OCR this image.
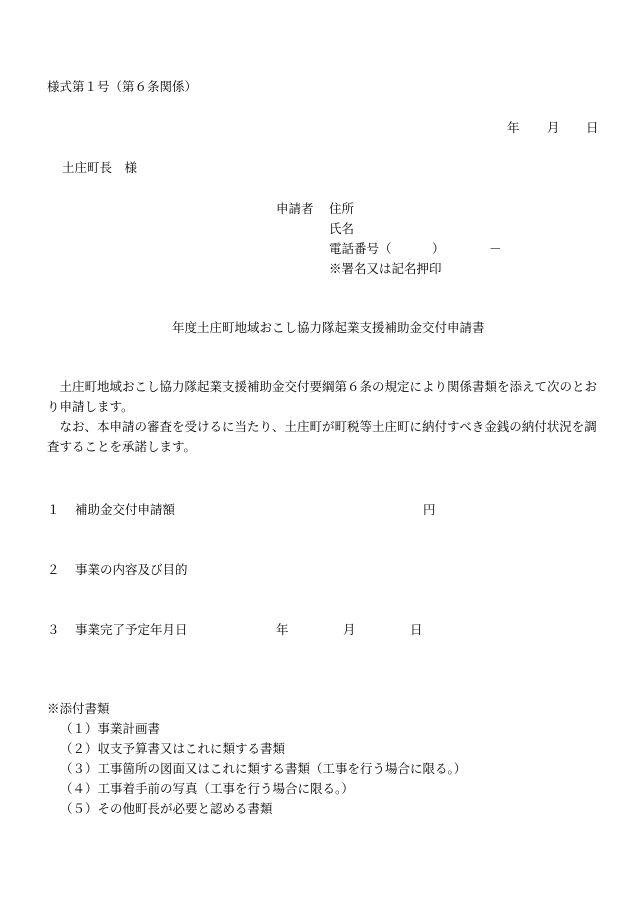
様式第１号（第６条関係）
年 月 日
土庄町長　様
申請者 住所
氏名
電話番号（	）	－
※署名又は記名押印
年度土庄町地域おこし協力隊起業支援補助金交付申請書
　土庄町地域おこし協力隊起業支援補助金交付要綱第６条の規定により関係書類を添えて次のとおり申請します。
　なお、本申請の審査を受けるに当たり、土庄町が町税等土庄町に納付すべき金銭の納付状況を調査することを承諾します。
１ 補助金交付申請額	円
２ 事業の内容及び目的
３ 事業完了予定年月日	年	月	日
※添付書類
（１）事業計画書
（２）収支予算書又はこれに類する書類
（３）工事箇所の図面又はこれに類する書類（工事を行う場合に限る。）
（４）工事着手前の写真（工事を行う場合に限る。）
（５）その他町長が必要と認める書類
